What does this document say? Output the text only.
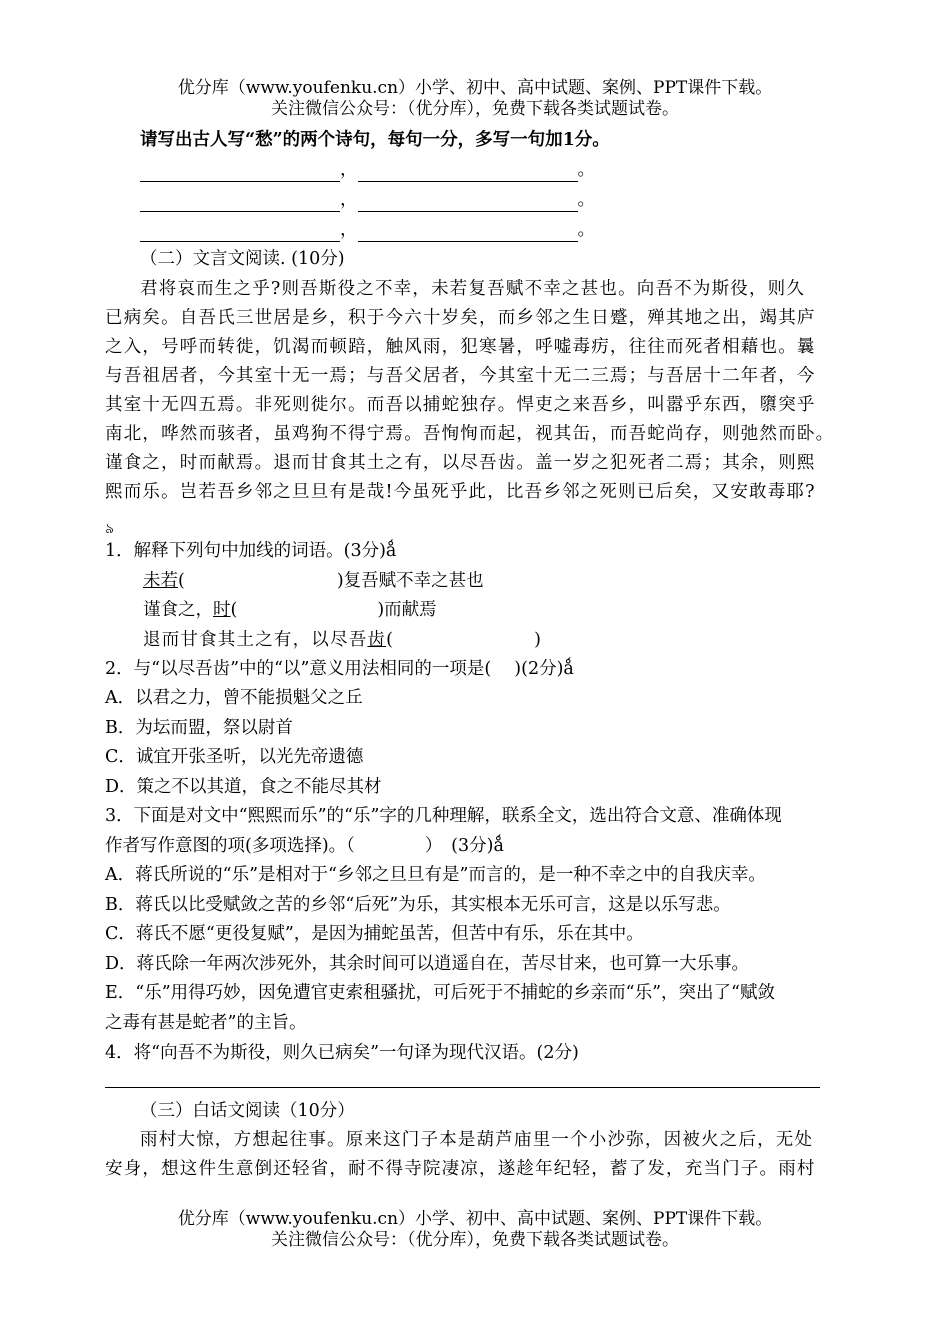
优分库（www.youfenku.cn）小学、初中、高中试题、案例、PPT课件下载。
关注微信公众号：（优分库），免费下载各类试题试卷。
请写出古人写“愁”的两个诗句，每句一分，多写一句加1分。
，	。
，	。
，	。
（二）文言文阅读. (10分)
君将哀而生之乎?则吾斯役之不幸，未若复吾赋不幸之甚也。向吾不为斯役，则久
已病矣。自吾氏三世居是乡，积于今六十岁矣，而乡邻之生日蹙，殚其地之出，竭其庐
之入，号呼而转徙，饥渴而顿踣，触风雨，犯寒暑，呼嘘毒疠，往往而死者相藉也。曩
与吾祖居者，今其室十无一焉；与吾父居者，今其室十无二三焉；与吾居十二年者，今
其室十无四五焉。非死则徙尔。而吾以捕蛇独存。悍吏之来吾乡，叫嚣乎东西，隳突乎
南北，哗然而骇者，虽鸡狗不得宁焉。吾恂恂而起，视其缶，而吾蛇尚存，则弛然而卧。
谨食之，时而献焉。退而甘食其土之有，以尽吾齿。盖一岁之犯死者二焉；其余，则熙
熙而乐。岂若吾乡邻之旦旦有是哉!今虽死乎此，比吾乡邻之死则已后矣，又安敢毒耶?
৯
1．解释下列句中加线的词语。(3分)ǻ
未若(	)复吾赋不幸之甚也
谨食之，时(	)而献焉
退而甘食其土之有，以尽吾齿(	)
2．与“以尽吾齿”中的“以”意义用法相同的一项是(　 )(2分)ǻ
A．以君之力，曾不能损魁父之丘
B．为坛而盟，祭以尉首
C．诚宜开张圣听，以光先帝遗德
D．策之不以其道，食之不能尽其材
3．下面是对文中“熙熙而乐”的“乐”字的几种理解，联系全文，选出符合文意、准确体现
作者写作意图的项(多项选择)。（　　　　）　(3分)ǻ
A．蒋氏所说的“乐”是相对于“乡邻之旦旦有是”而言的，是一种不幸之中的自我庆幸。
B．蒋氏以比受赋敛之苦的乡邻“后死”为乐，其实根本无乐可言，这是以乐写悲。
C．蒋氏不愿“更役复赋”，是因为捕蛇虽苦，但苦中有乐，乐在其中。
D．蒋氏除一年两次涉死外，其余时间可以逍遥自在，苦尽甘来，也可算一大乐事。
E．“乐”用得巧妙，因免遭官吏索租骚扰，可后死于不捕蛇的乡亲而“乐”，突出了“赋敛
之毒有甚是蛇者”的主旨。
4．将“向吾不为斯役，则久已病矣”一句译为现代汉语。(2分)
（三）白话文阅读（10分）
雨村大惊，方想起往事。原来这门子本是葫芦庙里一个小沙弥，因被火之后，无处
安身，想这件生意倒还轻省，耐不得寺院凄凉，遂趁年纪轻，蓄了发，充当门子。雨村
优分库（www.youfenku.cn）小学、初中、高中试题、案例、PPT课件下载。
关注微信公众号：（优分库），免费下载各类试题试卷。
